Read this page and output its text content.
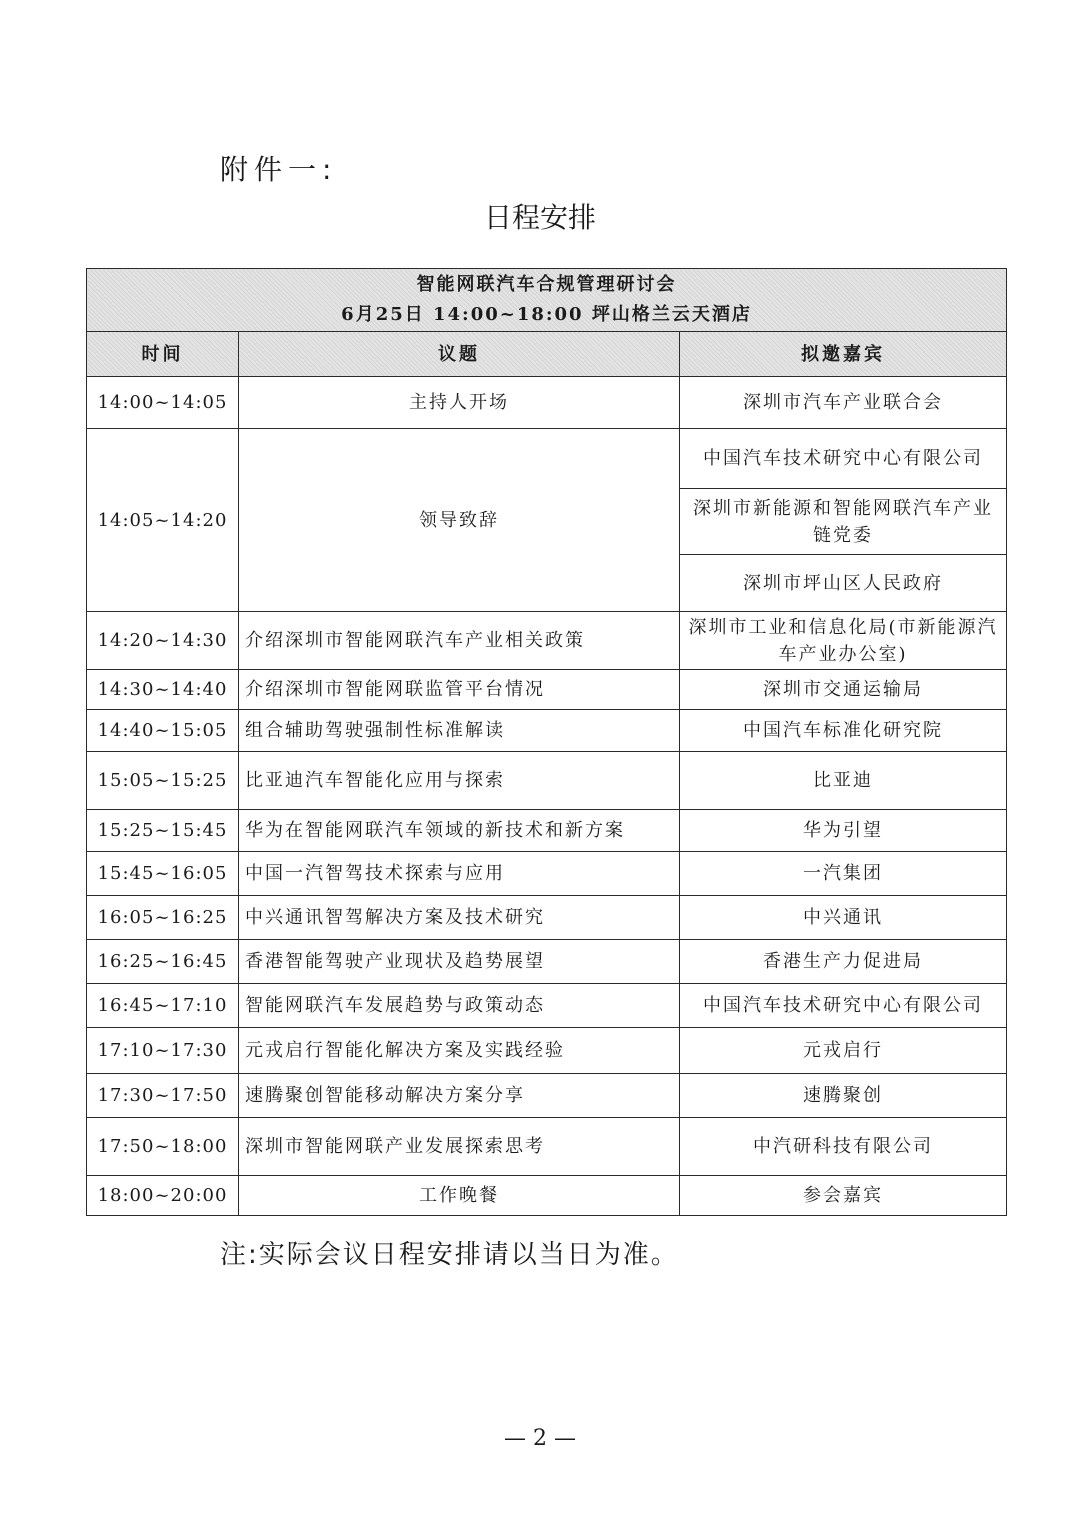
附件一:
日程安排
智能网联汽车合规管理研讨会
6月25日 14:00~18:00 坪山格兰云天酒店		

时间	议题	拟邀嘉宾
14:00~14:05	主持人开场	深圳市汽车产业联合会
14:05~14:20	领导致辞	中国汽车技术研究中心有限公司
		深圳市新能源和智能网联汽车产业链党委
		深圳市坪山区人民政府
14:20~14:30	介绍深圳市智能网联汽车产业相关政策	深圳市工业和信息化局(市新能源汽车产业办公室)
14:30~14:40	介绍深圳市智能网联监管平台情况	深圳市交通运输局
14:40~15:05	组合辅助驾驶强制性标准解读	中国汽车标准化研究院
15:05~15:25	比亚迪汽车智能化应用与探索	比亚迪
15:25~15:45	华为在智能网联汽车领域的新技术和新方案	华为引望
15:45~16:05	中国一汽智驾技术探索与应用	一汽集团
16:05~16:25	中兴通讯智驾解决方案及技术研究	中兴通讯
16:25~16:45	香港智能驾驶产业现状及趋势展望	香港生产力促进局
16:45~17:10	智能网联汽车发展趋势与政策动态	中国汽车技术研究中心有限公司
17:10~17:30	元戎启行智能化解决方案及实践经验	元戎启行
17:30~17:50	速腾聚创智能移动解决方案分享	速腾聚创
17:50~18:00	深圳市智能网联产业发展探索思考	中汽研科技有限公司
18:00~20:00	工作晚餐	参会嘉宾
注:实际会议日程安排请以当日为准。
— 2 —
